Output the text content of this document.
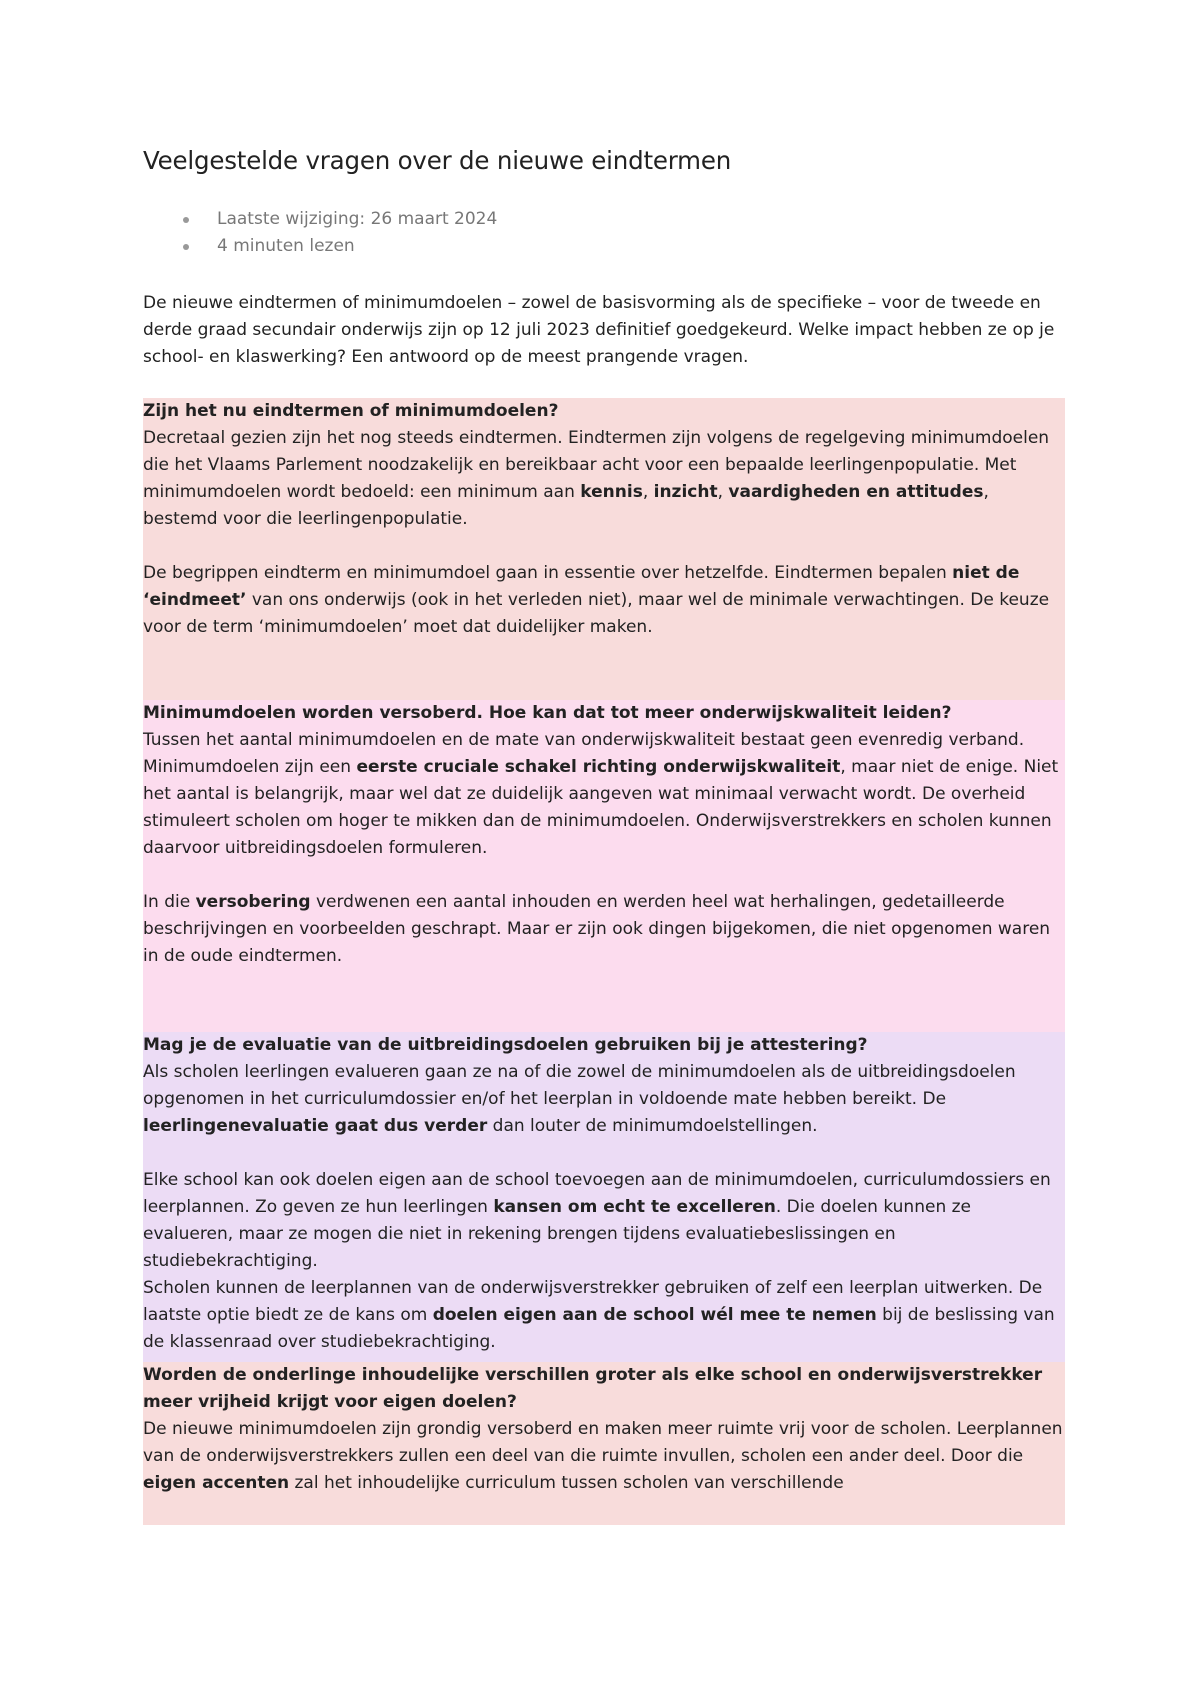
Veelgestelde vragen over de nieuwe eindtermen
Laatste wijziging: 26 maart 2024
4 minuten lezen

De nieuwe eindtermen of minimumdoelen – zowel de basisvorming als de specifieke – voor de tweede en derde graad secundair onderwijs zijn op 12 juli 2023 definitief goedgekeurd. Welke impact hebben ze op je school- en klaswerking? Een antwoord op de meest prangende vragen.

Zijn het nu eindtermen of minimumdoelen?

Decretaal gezien zijn het nog steeds eindtermen. Eindtermen zijn volgens de regelgeving minimumdoelen die het Vlaams Parlement noodzakelijk en bereikbaar acht voor een bepaalde leerlingenpopulatie. Met minimumdoelen wordt bedoeld: een minimum aan kennis, inzicht, vaardigheden en attitudes, bestemd voor die leerlingenpopulatie.

De begrippen eindterm en minimumdoel gaan in essentie over hetzelfde. Eindtermen bepalen niet de ‘eindmeet’ van ons onderwijs (ook in het verleden niet), maar wel de minimale verwachtingen. De keuze voor de term ‘minimumdoelen’ moet dat duidelijker maken.

Minimumdoelen worden versoberd. Hoe kan dat tot meer onderwijskwaliteit leiden?

Tussen het aantal minimumdoelen en de mate van onderwijskwaliteit bestaat geen evenredig verband. Minimumdoelen zijn een eerste cruciale schakel richting onderwijskwaliteit, maar niet de enige. Niet het aantal is belangrijk, maar wel dat ze duidelijk aangeven wat minimaal verwacht wordt. De overheid stimuleert scholen om hoger te mikken dan de minimumdoelen. Onderwijsverstrekkers en scholen kunnen daarvoor uitbreidingsdoelen formuleren.

In die versobering verdwenen een aantal inhouden en werden heel wat herhalingen, gedetailleerde beschrijvingen en voorbeelden geschrapt. Maar er zijn ook dingen bijgekomen, die niet opgenomen waren in de oude eindtermen.

Mag je de evaluatie van de uitbreidingsdoelen gebruiken bij je attestering?

Als scholen leerlingen evalueren gaan ze na of die zowel de minimumdoelen als de uitbreidingsdoelen opgenomen in het curriculumdossier en/of het leerplan in voldoende mate hebben bereikt. De leerlingenevaluatie gaat dus verder dan louter de minimumdoelstellingen.

Elke school kan ook doelen eigen aan de school toevoegen aan de minimumdoelen, curriculumdossiers en leerplannen. Zo geven ze hun leerlingen kansen om echt te excelleren. Die doelen kunnen ze evalueren, maar ze mogen die niet in rekening brengen tijdens evaluatiebeslissingen en studiebekrachtiging.

Scholen kunnen de leerplannen van de onderwijsverstrekker gebruiken of zelf een leerplan uitwerken. De laatste optie biedt ze de kans om doelen eigen aan de school wél mee te nemen bij de beslissing van de klassenraad over studiebekrachtiging.

Worden de onderlinge inhoudelijke verschillen groter als elke school en onderwijsverstrekker meer vrijheid krijgt voor eigen doelen?

De nieuwe minimumdoelen zijn grondig versoberd en maken meer ruimte vrij voor de scholen. Leerplannen van de onderwijsverstrekkers zullen een deel van die ruimte invullen, scholen een ander deel. Door die eigen accenten zal het inhoudelijke curriculum tussen scholen van verschillende
